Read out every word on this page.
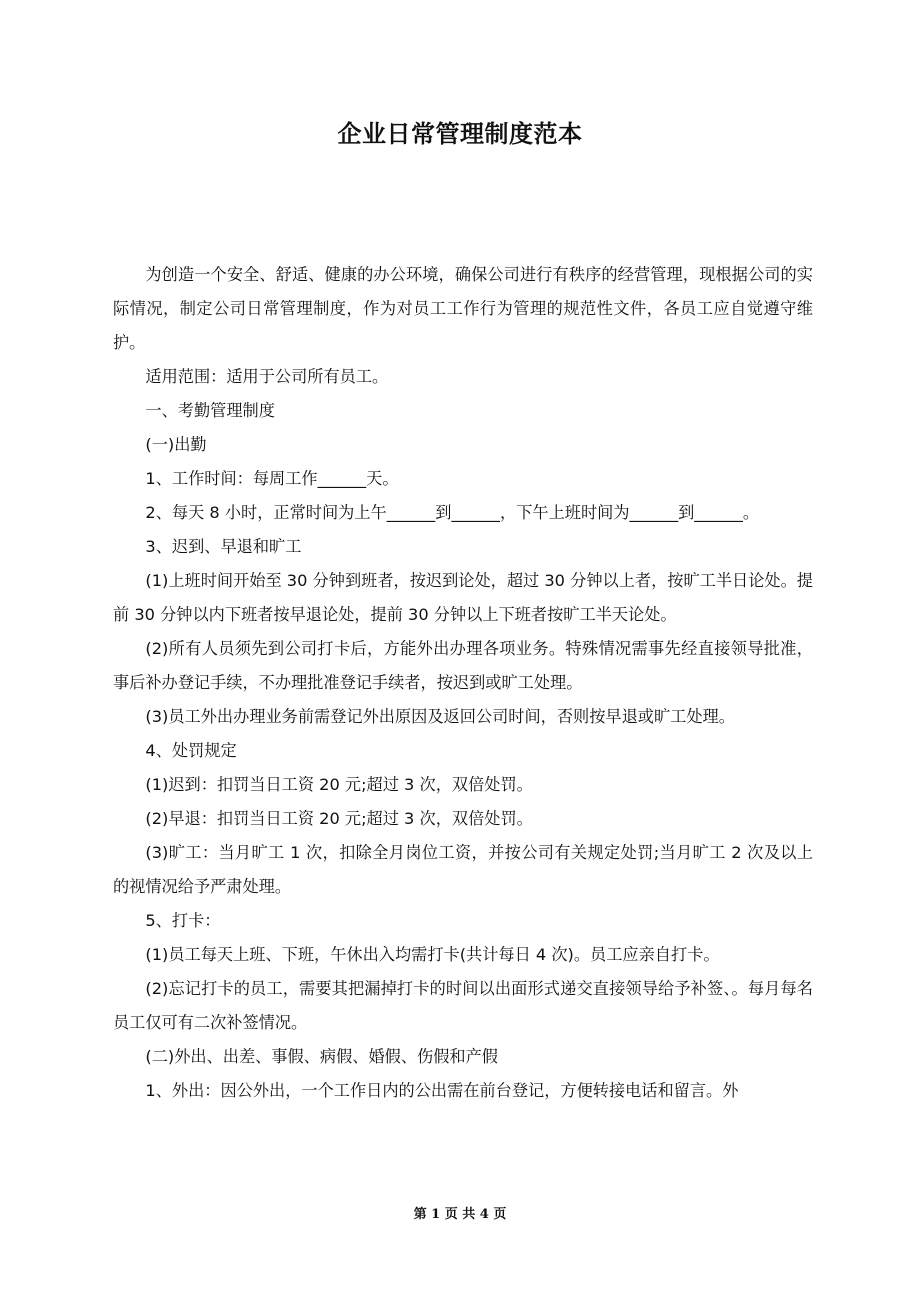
企业日常管理制度范本

为创造一个安全、舒适、健康的办公环境，确保公司进行有秩序的经营管理，现根据公司的实际情况，制定公司日常管理制度，作为对员工工作行为管理的规范性文件，各员工应自觉遵守维护。

适用范围：适用于公司所有员工。

一、考勤管理制度

(一)出勤

1、工作时间：每周工作______天。

2、每天 8 小时，正常时间为上午______到______，下午上班时间为______到______。

3、迟到、早退和旷工

(1)上班时间开始至 30 分钟到班者，按迟到论处，超过 30 分钟以上者，按旷工半日论处。提前 30 分钟以内下班者按早退论处，提前 30 分钟以上下班者按旷工半天论处。

(2)所有人员须先到公司打卡后，方能外出办理各项业务。特殊情况需事先经直接领导批准，事后补办登记手续，不办理批准登记手续者，按迟到或旷工处理。

(3)员工外出办理业务前需登记外出原因及返回公司时间，否则按早退或旷工处理。

4、处罚规定

(1)迟到：扣罚当日工资 20 元;超过 3 次，双倍处罚。

(2)早退：扣罚当日工资 20 元;超过 3 次，双倍处罚。

(3)旷工：当月旷工 1 次，扣除全月岗位工资，并按公司有关规定处罚;当月旷工 2 次及以上的视情况给予严肃处理。

5、打卡：

(1)员工每天上班、下班，午休出入均需打卡(共计每日 4 次)。员工应亲自打卡。

(2)忘记打卡的员工，需要其把漏掉打卡的时间以出面形式递交直接领导给予补签、。每月每名员工仅可有二次补签情况。

(二)外出、出差、事假、病假、婚假、伤假和产假

1、外出：因公外出，一个工作日内的公出需在前台登记，方便转接电话和留言。外

第 1 页 共 4 页
